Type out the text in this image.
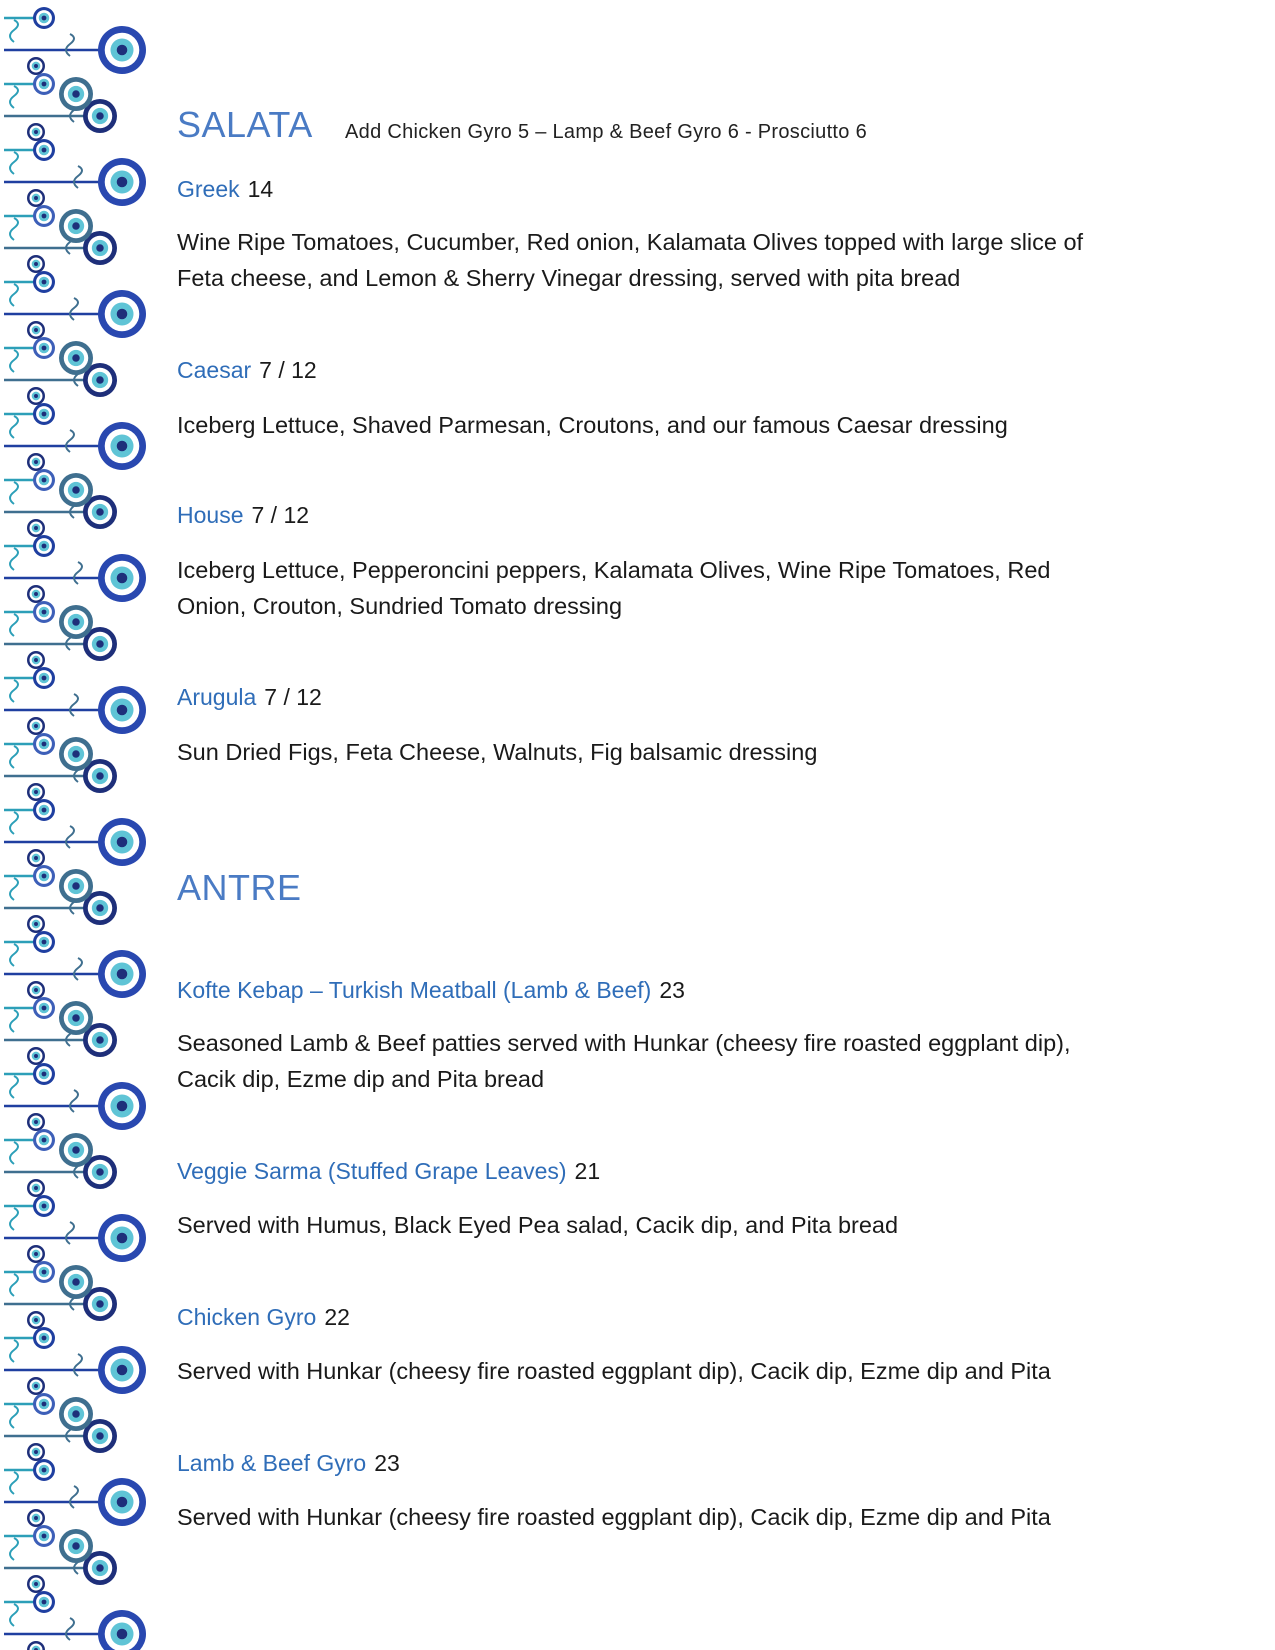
SALATA Add Chicken Gyro 5 – Lamp & Beef Gyro 6 - Prosciutto 6
Greek 14

Wine Ripe Tomatoes, Cucumber, Red onion, Kalamata Olives topped with large slice of Feta cheese, and Lemon & Sherry Vinegar dressing, served with pita bread

Caesar 7 / 12

Iceberg Lettuce, Shaved Parmesan, Croutons, and our famous Caesar dressing

House 7 / 12

Iceberg Lettuce, Pepperoncini peppers, Kalamata Olives, Wine Ripe Tomatoes, Red Onion, Crouton, Sundried Tomato dressing

Arugula 7 / 12

Sun Dried Figs, Feta Cheese, Walnuts, Fig balsamic dressing

ANTRE
Kofte Kebap – Turkish Meatball (Lamb & Beef) 23

Seasoned Lamb & Beef patties served with Hunkar (cheesy fire roasted eggplant dip), Cacik dip, Ezme dip and Pita bread

Veggie Sarma (Stuffed Grape Leaves) 21

Served with Humus, Black Eyed Pea salad, Cacik dip, and Pita bread

Chicken Gyro 22

Served with Hunkar (cheesy fire roasted eggplant dip), Cacik dip, Ezme dip and Pita

Lamb & Beef Gyro 23

Served with Hunkar (cheesy fire roasted eggplant dip), Cacik dip, Ezme dip and Pita
